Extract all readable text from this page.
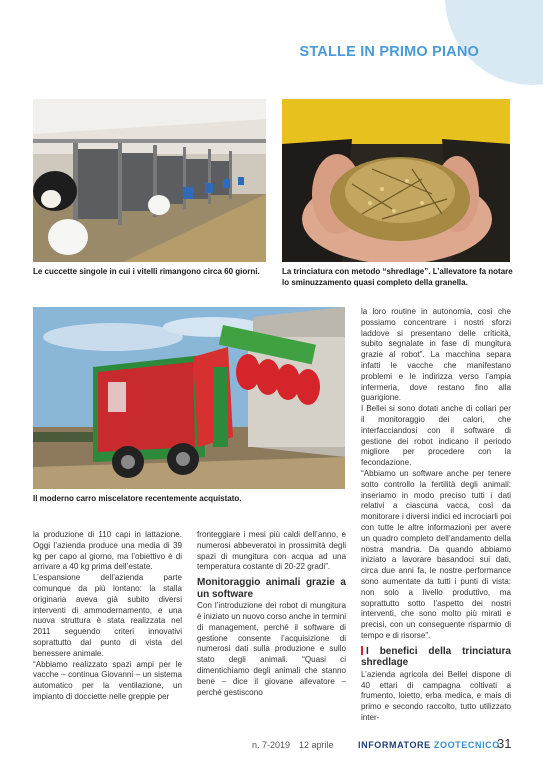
STALLE IN PRIMO PIANO
Le cuccette singole in cui i vitelli rimangono circa 60 giorni.	La trinciatura con metodo “shredlage”. L’allevatore fa notare lo sminuzzamento quasi completo della granella.
Il moderno carro miscelatore recentemente acquistato.

la produzione di 110 capi in lattazione. Oggi l’azienda produce una media di 39 kg per capo al giorno, ma l’obiettivo è di arrivare a 40 kg prima dell’estate.

L’espansione dell’azienda parte comunque da più lontano: la stalla originaria aveva già subito diversi interventi di ammodernamento, e una nuova struttura è stata realizzata nel 2011 seguendo criteri innovativi soprattutto dal punto di vista del benessere animale.

“Abbiamo realizzato spazi ampi per le vacche – continua Giovanni – un sistema automatico per la ventilazione, un impianto di docciette nelle greppie per

fronteggiare i mesi più caldi dell’anno, e numerosi abbeveratoi in prossimità degli spazi di mungitura con acqua ad una temperatura costante di 20-22 gradi”.

Monitoraggio animali grazie a un software

Con l’introduzione dei robot di mungitura è iniziato un nuovo corso anche in termini di management, perché il software di gestione consente l’acquisizione di numerosi dati sulla produzione e sullo stato degli animali. “Quasi ci dimentichiamo degli animali che stanno bene – dice il giovane allevatore – perché gestiscono

la loro routine in autonomia, così che possiamo concentrare i nostri sforzi laddove si presentano delle criticità, subito segnalate in fase di mungitura grazie al robot”. La macchina separa infatti le vacche che manifestano problemi e le indirizza verso l’ampia infermeria, dove restano fino alla guarigione.

I Bellei si sono dotati anche di collari per il monitoraggio dei calori, che interfacciandosi con il software di gestione dei robot indicano il periodo migliore per procedere con la fecondazione.

“Abbiamo un software anche per tenere sotto controllo la fertilità degli animali: inseriamo in modo preciso tutti i dati relativi a ciascuna vacca, così da monitorare i diversi indici ed incrociarli poi con tutte le altre informazioni per avere un quadro completo dell’andamento della nostra mandria. Da quando abbiamo iniziato a lavorare basandoci sui dati, circa due anni fa, le nostre performance sono aumentate da tutti i punti di vista: non solo a livello produttivo, ma soprattutto sotto l’aspetto dei nostri interventi, che sono molto più mirati e precisi, con un conseguente risparmio di tempo e di risorse”.

I benefici della trinciatura shredlage

L’azienda agricola dei Bellei dispone di 40 ettari di campagna coltivati a frumento, loietto, erba medica, e mais di primo e secondo raccolto, tutto utilizzato inter-

n. 7-2019 12 aprile	INFORMATORE ZOOTECNICO
31
